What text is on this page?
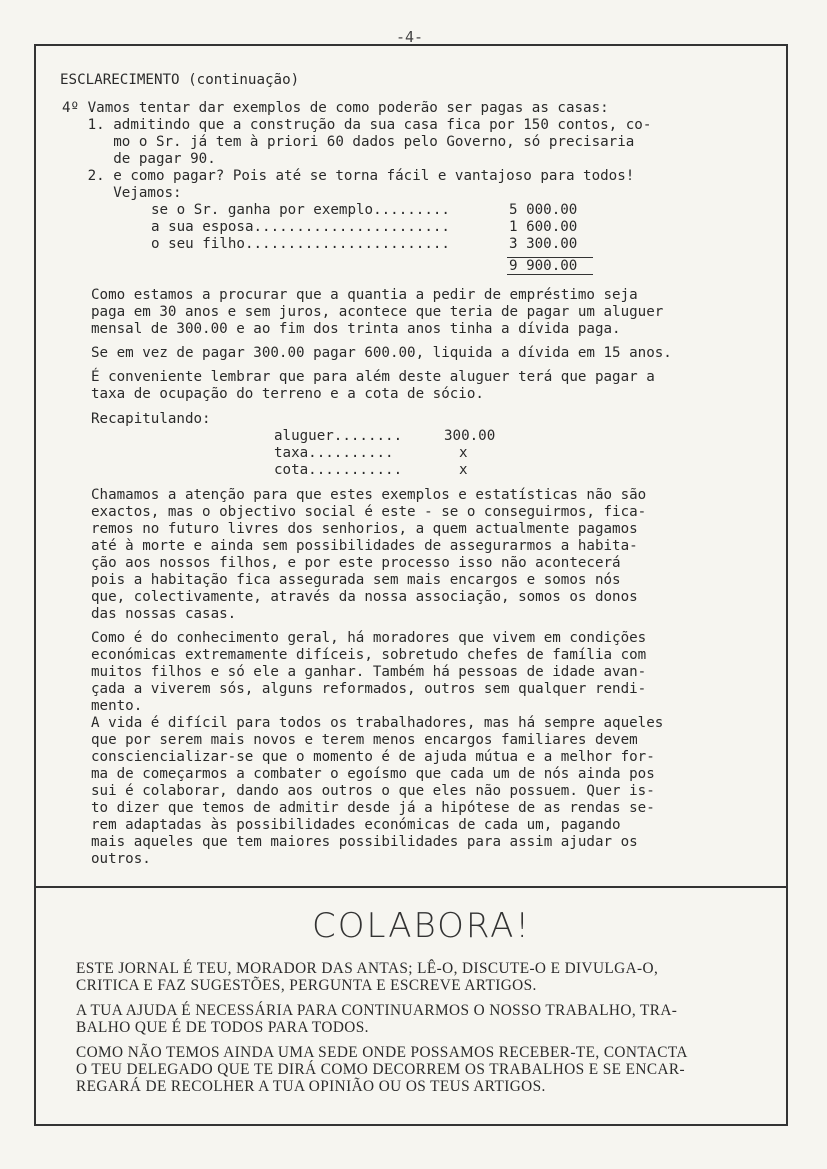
-4-
ESCLARECIMENTO (continuação)
4º Vamos tentar dar exemplos de como poderão ser pagas as casas:
1. admitindo que a construção da sua casa fica por 150 contos, co-
mo o Sr. já tem à priori 60 dados pelo Governo, só precisaria
de pagar 90.
2. e como pagar? Pois até se torna fácil e vantajoso para todos!
Vejamos:
se o Sr. ganha por exemplo.........	5 000.00
a sua esposa.......................	1 600.00
o seu filho........................	3 300.00
9 900.00
Como estamos a procurar que a quantia a pedir de empréstimo seja
paga em 30 anos e sem juros, acontece que teria de pagar um aluguer
mensal de 300.00 e ao fim dos trinta anos tinha a dívida paga.
Se em vez de pagar 300.00 pagar 600.00, liquida a dívida em 15 anos.
É conveniente lembrar que para além deste aluguer terá que pagar a
taxa de ocupação do terreno e a cota de sócio.
Recapitulando:
aluguer........	300.00
taxa..........	x
cota...........	x
Chamamos a atenção para que estes exemplos e estatísticas não são
exactos, mas o objectivo social é este - se o conseguirmos, fica-
remos no futuro livres dos senhorios, a quem actualmente pagamos
até à morte e ainda sem possibilidades de assegurarmos a habita-
ção aos nossos filhos, e por este processo isso não acontecerá
pois a habitação fica assegurada sem mais encargos e somos nós
que, colectivamente, através da nossa associação, somos os donos
das nossas casas.
Como é do conhecimento geral, há moradores que vivem em condições
económicas extremamente difíceis, sobretudo chefes de família com
muitos filhos e só ele a ganhar. Também há pessoas de idade avan-
çada a viverem sós, alguns reformados, outros sem qualquer rendi-
mento.
A vida é difícil para todos os trabalhadores, mas há sempre aqueles
que por serem mais novos e terem menos encargos familiares devem
consciencializar-se que o momento é de ajuda mútua e a melhor for-
ma de começarmos a combater o egoísmo que cada um de nós ainda pos
sui é colaborar, dando aos outros o que eles não possuem. Quer is-
to dizer que temos de admitir desde já a hipótese de as rendas se-
rem adaptadas às possibilidades económicas de cada um, pagando
mais aqueles que tem maiores possibilidades para assim ajudar os
outros.
COLABORA!
ESTE JORNAL É TEU, MORADOR DAS ANTAS; LÊ-O, DISCUTE-O E DIVULGA-O,
CRITICA E FAZ SUGESTÕES, PERGUNTA E ESCREVE ARTIGOS.
A TUA AJUDA É NECESSÁRIA PARA CONTINUARMOS O NOSSO TRABALHO, TRA-
BALHO QUE É DE TODOS PARA TODOS.
COMO NÃO TEMOS AINDA UMA SEDE ONDE POSSAMOS RECEBER-TE, CONTACTA
O TEU DELEGADO QUE TE DIRÁ COMO DECORREM OS TRABALHOS E SE ENCAR-
REGARÁ DE RECOLHER A TUA OPINIÃO OU OS TEUS ARTIGOS.
